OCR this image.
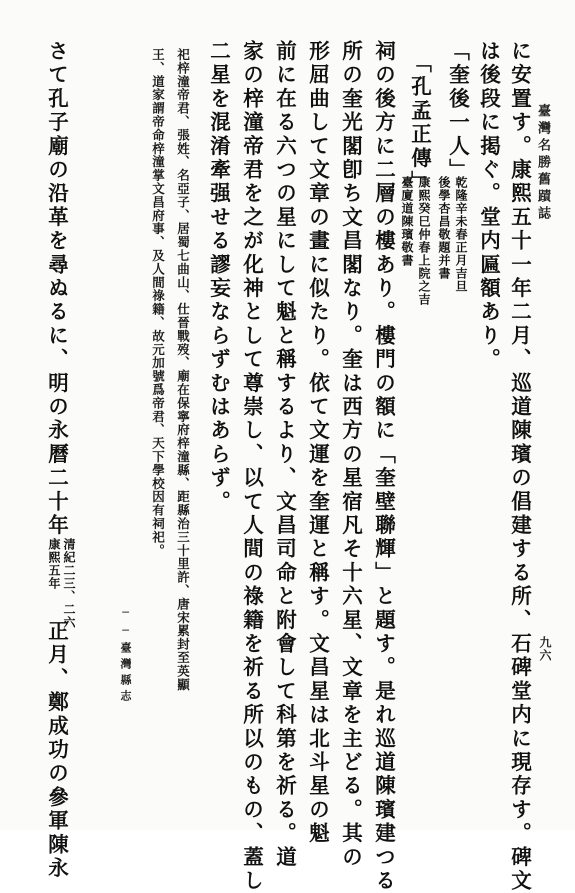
臺灣名勝舊蹟誌
九六
に安置す。康熙五十一年二月、巡道陳璸の倡建する所、石碑堂内に現存す。碑文
は後段に掲ぐ。堂内匾額あり。
「奎後一人」
乾隆辛未春正月吉旦
後學杏昌敬題并書
「孔孟正傳」
康熙癸巳仲春上院之吉
臺廈道陳璸敬書
祠の後方に二層の樓あり。樓門の額に「奎壁聯輝」と題す。是れ巡道陳璸建つる
所の奎光閣卽ち文昌閣なり。奎は西方の星宿凡そ十六星、文章を主どる。其の
形屈曲して文章の畫に似たり。依て文運を奎運と稱す。文昌星は北斗星の魁
前に在る六つの星にして魁と稱するより、文昌司命と附會して科第を祈る。道
家の梓潼帝君を之が化神として尊崇し、以て人間の祿籍を祈る所以のもの、蓋し
二星を混淆牽强せる謬妄ならずむはあらず。
祀梓潼帝君、張姓、名亞子、居蜀七曲山、仕晉戰歿、廟在保寧府梓潼縣、距縣治三十里許、唐宋累封至英顯
王、道家謂帝命梓潼掌文昌府事、及人間祿籍、故元加號爲帝君、天下學校因有祠祀。
──臺灣縣志
さて孔子廟の沿革を尋ぬるに、明の永曆二十年
清紀二三、二六
康熙五年
正月、鄭成功の參軍陳永
